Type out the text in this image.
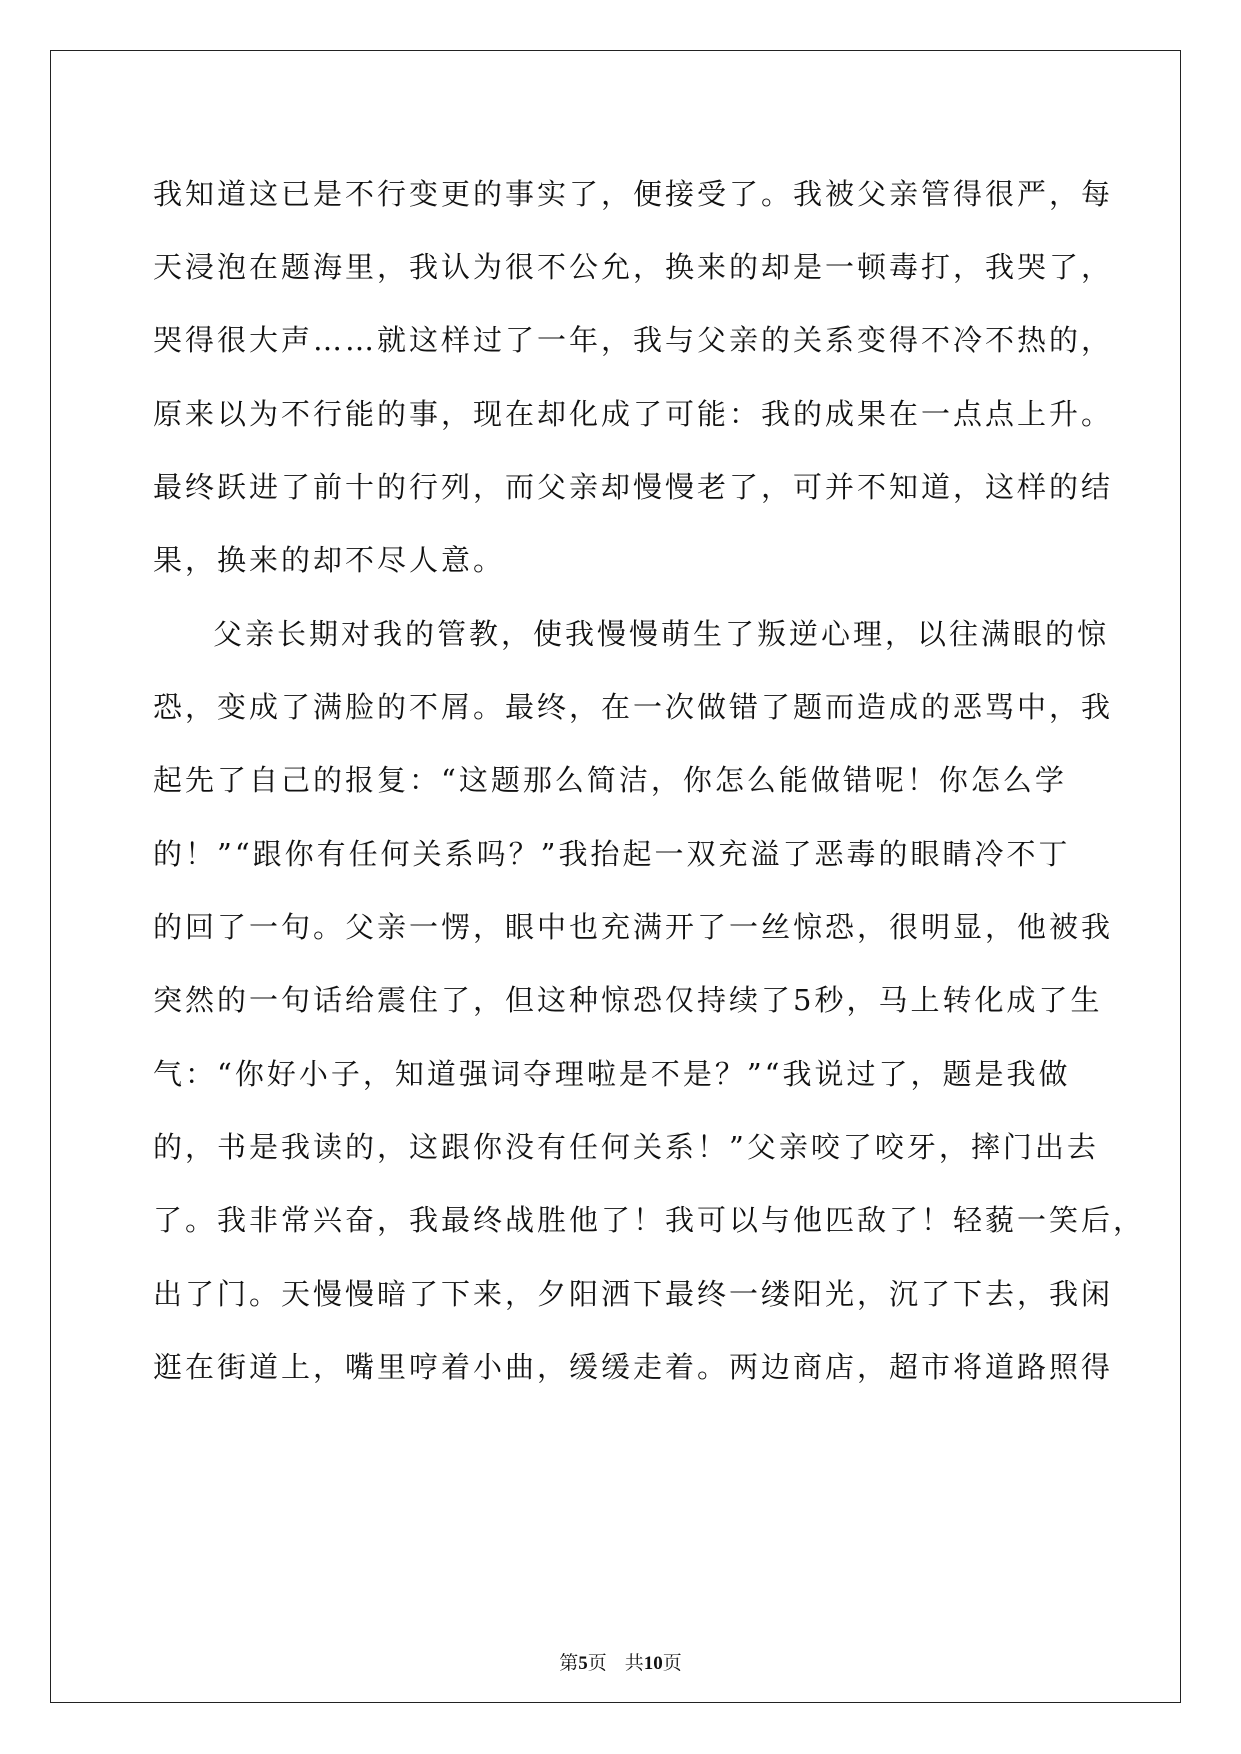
我知道这已是不行变更的事实了，便接受了。我被父亲管得很严，每
天浸泡在题海里，我认为很不公允，换来的却是一顿毒打，我哭了，
哭得很大声……就这样过了一年，我与父亲的关系变得不冷不热的，
原来以为不行能的事，现在却化成了可能：我的成果在一点点上升。
最终跃进了前十的行列，而父亲却慢慢老了，可并不知道，这样的结
果，换来的却不尽人意。
父亲长期对我的管教，使我慢慢萌生了叛逆心理，以往满眼的惊
恐，变成了满脸的不屑。最终，在一次做错了题而造成的恶骂中，我
起先了自己的报复：“这题那么简洁，你怎么能做错呢！你怎么学
的！”“跟你有任何关系吗？”我抬起一双充溢了恶毒的眼睛冷不丁
的回了一句。父亲一愣，眼中也充满开了一丝惊恐，很明显，他被我
突然的一句话给震住了，但这种惊恐仅持续了5秒，马上转化成了生
气：“你好小子，知道强词夺理啦是不是？”“我说过了，题是我做
的，书是我读的，这跟你没有任何关系！”父亲咬了咬牙，摔门出去
了。我非常兴奋，我最终战胜他了！我可以与他匹敌了！轻藐一笑后，
出了门。天慢慢暗了下来，夕阳洒下最终一缕阳光，沉了下去，我闲
逛在街道上，嘴里哼着小曲，缓缓走着。两边商店，超市将道路照得
第5页 共10页
